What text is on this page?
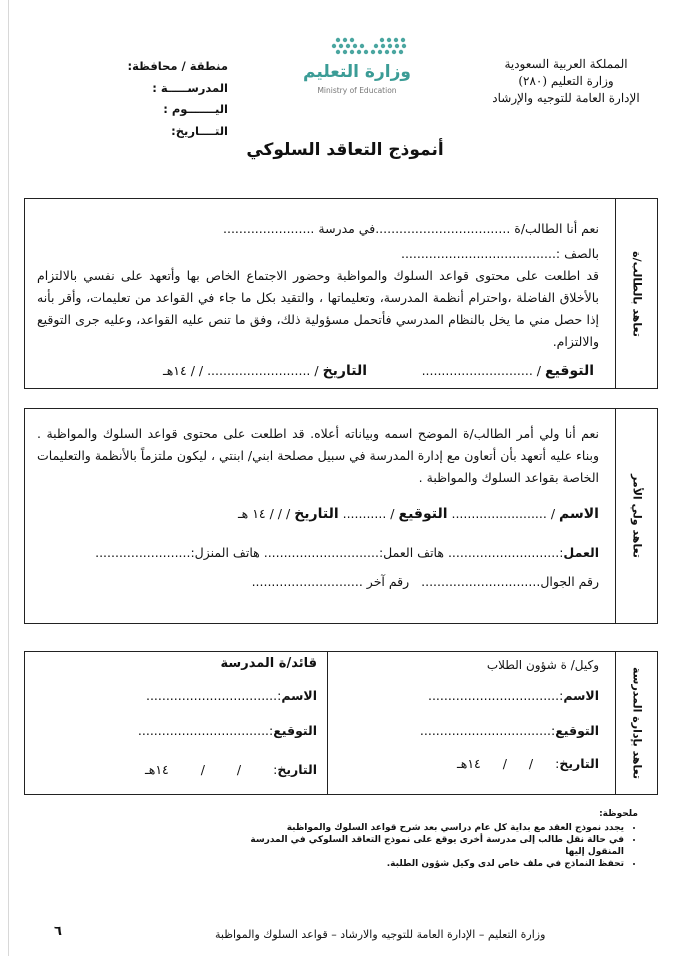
المملكة العربية السعودية
وزارة التعليم (٢٨٠)
الإدارة العامة للتوجيه والإرشاد
وزارة التعليم
Ministry of Education
منطقة / محافظة:
المدرســـــة :
اليـــــــوم :
التــــاريخ:
أنموذج التعاقد السلوكي
تعاهد بالطالب/ة
نعم أنا الطالب/ة ..................................في مدرسة .......................
بالصف :.......................................
قد اطلعت على محتوى قواعد السلوك والمواظبة وحضور الاجتماع الخاص بها وأتعهد على نفسي بالالتزام بالأخلاق الفاضلة ،واحترام أنظمة المدرسة، وتعليماتها ، والتقيد بكل ما جاء في القواعد من تعليمات، وأقر بأنه إذا حصل مني ما يخل بالنظام المدرسي فأتحمل مسؤولية ذلك، وفق ما تنص عليه القواعد، وعليه جرى التوقيع والالتزام.
التوقيع / ............................
التاريخ / .......................... / / ١٤هـ
تعاهد ولي الأمر
نعم أنا ولي أمر الطالب/ة الموضح اسمه وبياناته أعلاه. قد اطلعت على محتوى قواعد السلوك والمواظبة . وبناء عليه أتعهد بأن أتعاون مع إدارة المدرسة في سبيل مصلحة ابني/ ابنتي ، ليكون ملتزماً بالأنظمة والتعليمات الخاصة بقواعد السلوك والمواظبة .
الاسم / ........................ التوقيع / ........... التاريخ / / / ١٤ هـ
العمل:............................ هاتف العمل:............................. هاتف المنزل:........................
رقم الجوال..............................   رقم آخر ............................
تعاهد بإدارة المدرسة
وكيل/ ة شؤون الطلاب
الاسم:.................................
التوقيع:.................................
التاريخ: / / ١٤هـ
قائد/ة المدرسة
الاسم:.................................
التوقيع:.................................
التاريخ: / / ١٤هـ
ملحوظة:
• يجدد نموذج العقد مع بداية كل عام دراسي بعد شرح قواعد السلوك والمواظبة
• في حالة نقل طالب إلى مدرسة أخرى يوقع على نموذج التعاقد السلوكي في المدرسة المنقول إليها
• تحفظ النماذج في ملف خاص لدى وكيل شؤون الطلبة.
٦	وزارة التعليم – الإدارة العامة للتوجيه والارشاد – قواعد السلوك والمواظبة
